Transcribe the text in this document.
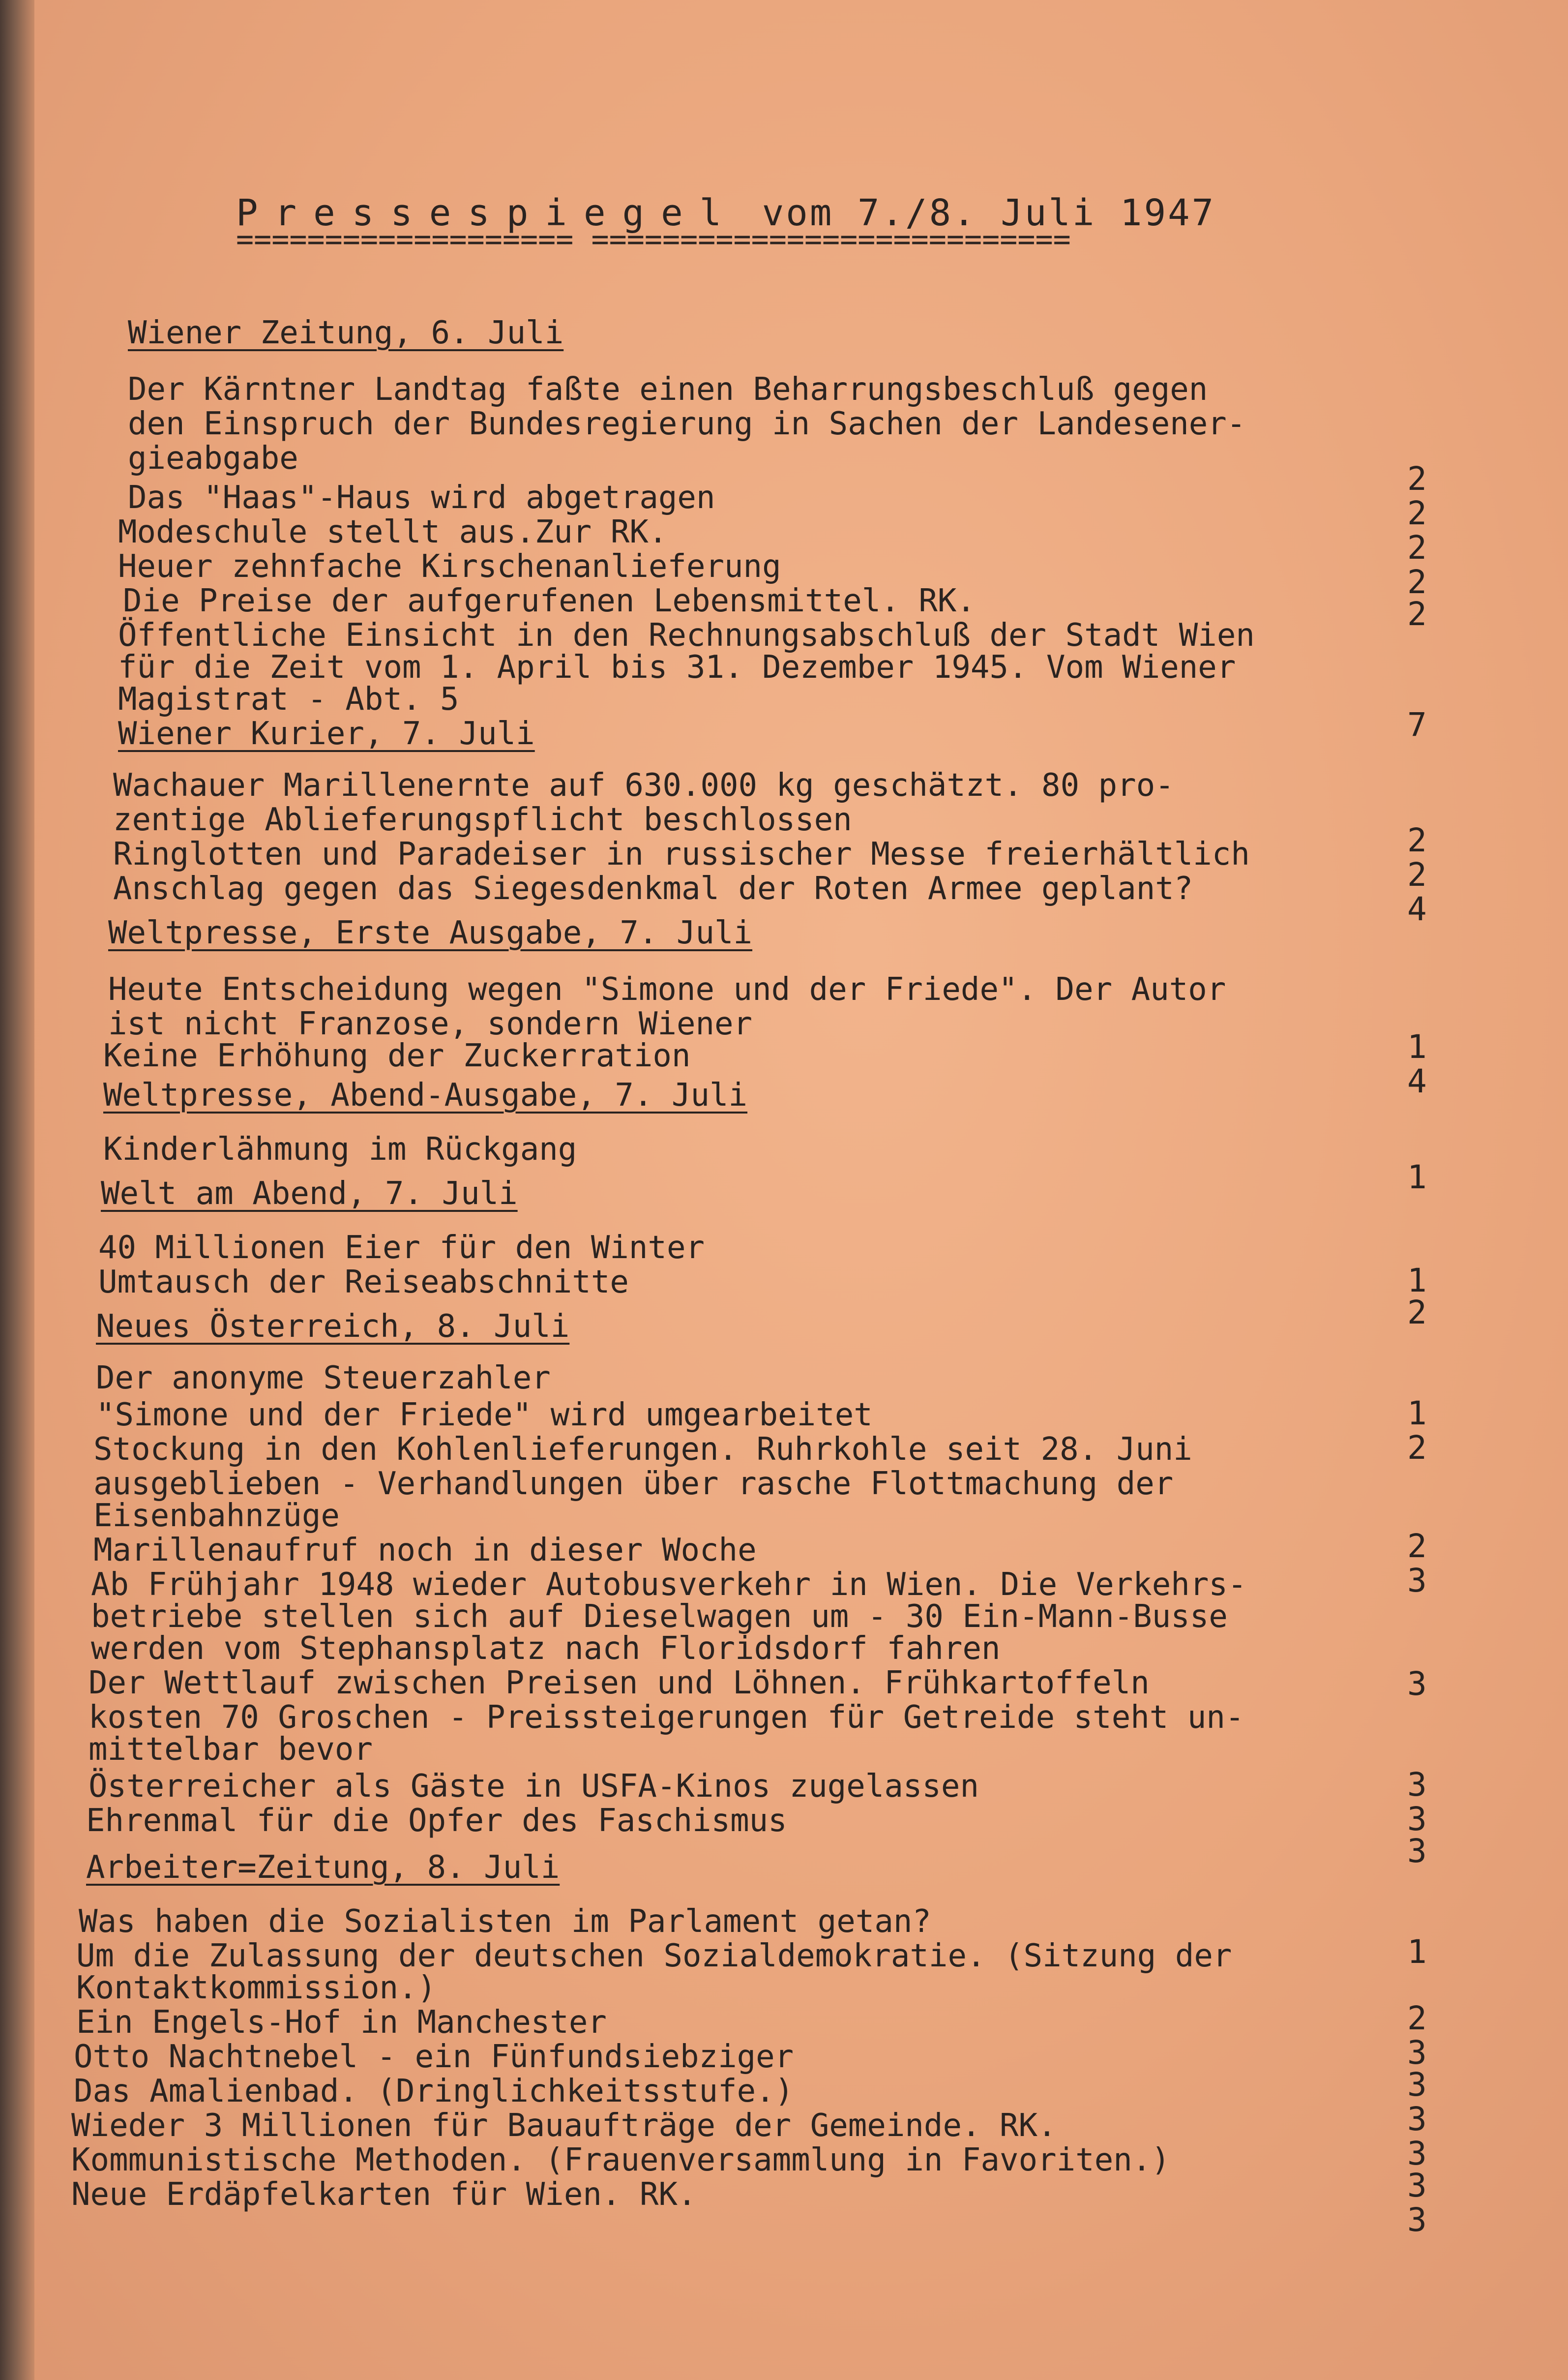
Pressespiegel vom 7./8. Juli 1947
=================== ===========================
Wiener Zeitung, 6. Juli
Der Kärntner Landtag faßte einen Beharrungsbeschluß gegen
den Einspruch der Bundesregierung in Sachen der Landesener-
gieabgabe
Das "Haas"-Haus wird abgetragen
Modeschule stellt aus.Zur RK.
Heuer zehnfache Kirschenanlieferung
Die Preise der aufgerufenen Lebensmittel. RK.
Öffentliche Einsicht in den Rechnungsabschluß der Stadt Wien
für die Zeit vom 1. April bis 31. Dezember 1945. Vom Wiener
Magistrat - Abt. 5
Wiener Kurier, 7. Juli
Wachauer Marillenernte auf 630.000 kg geschätzt. 80 pro-
zentige Ablieferungspflicht beschlossen
Ringlotten und Paradeiser in russischer Messe freierhältlich
Anschlag gegen das Siegesdenkmal der Roten Armee geplant?
Weltpresse, Erste Ausgabe, 7. Juli
Heute Entscheidung wegen "Simone und der Friede". Der Autor
ist nicht Franzose, sondern Wiener
Keine Erhöhung der Zuckerration
Weltpresse, Abend-Ausgabe, 7. Juli
Kinderlähmung im Rückgang
Welt am Abend, 7. Juli
40 Millionen Eier für den Winter
Umtausch der Reiseabschnitte
Neues Österreich, 8. Juli
Der anonyme Steuerzahler
"Simone und der Friede" wird umgearbeitet
Stockung in den Kohlenlieferungen. Ruhrkohle seit 28. Juni
ausgeblieben - Verhandlungen über rasche Flottmachung der
Eisenbahnzüge
Marillenaufruf noch in dieser Woche
Ab Frühjahr 1948 wieder Autobusverkehr in Wien. Die Verkehrs-
betriebe stellen sich auf Dieselwagen um - 30 Ein-Mann-Busse
werden vom Stephansplatz nach Floridsdorf fahren
Der Wettlauf zwischen Preisen und Löhnen. Frühkartoffeln
kosten 70 Groschen - Preissteigerungen für Getreide steht un-
mittelbar bevor
Österreicher als Gäste in USFA-Kinos zugelassen
Ehrenmal für die Opfer des Faschismus
Arbeiter=Zeitung, 8. Juli
Was haben die Sozialisten im Parlament getan?
Um die Zulassung der deutschen Sozialdemokratie. (Sitzung der
Kontaktkommission.)
Ein Engels-Hof in Manchester
Otto Nachtnebel - ein Fünfundsiebziger
Das Amalienbad. (Dringlichkeitsstufe.)
Wieder 3 Millionen für Bauaufträge der Gemeinde. RK.
Kommunistische Methoden. (Frauenversammlung in Favoriten.)
Neue Erdäpfelkarten für Wien. RK.
2
2
2
2
2
7
2
2
4
1
4
1
1
2
1
2
2
3
3
3
3
3
1
2
3
3
3
3
3
3
